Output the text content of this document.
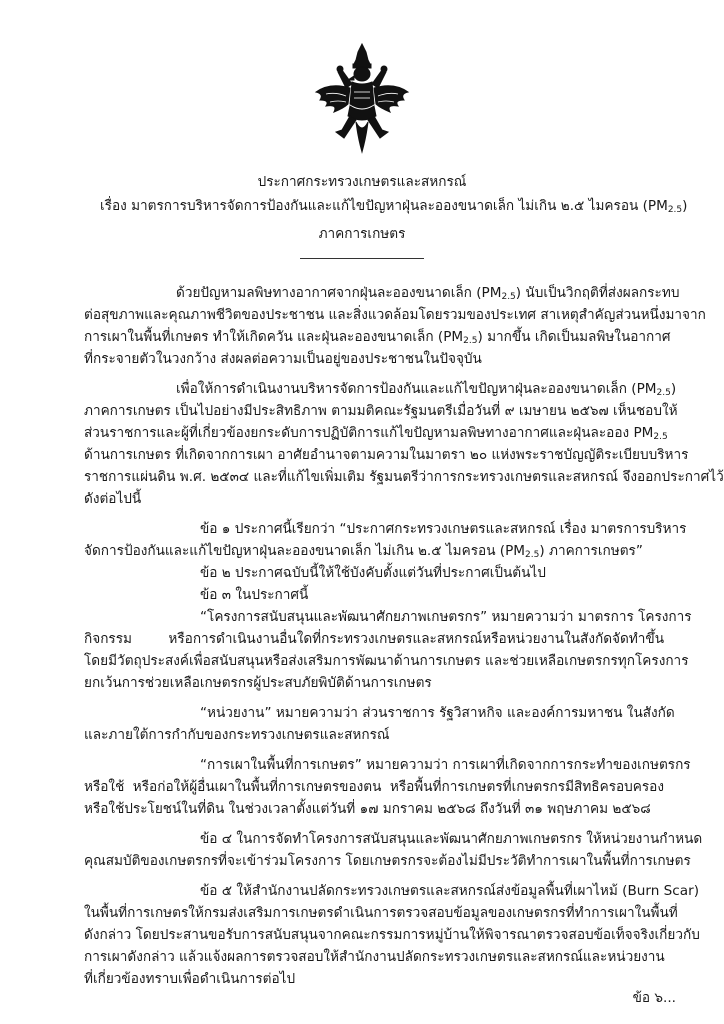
ประกาศกระทรวงเกษตรและสหกรณ์
เรื่อง มาตรการบริหารจัดการป้องกันและแก้ไขปัญหาฝุ่นละอองขนาดเล็ก ไม่เกิน ๒.๕ ไมครอน $(PM_{2.5})$
ภาคการเกษตร
ด้วยปัญหามลพิษทางอากาศจากฝุ่นละอองขนาดเล็ก $(PM_{2.5})$ นับเป็นวิกฤติที่ส่งผลกระทบ
ต่อสุขภาพและคุณภาพชีวิตของประชาชน และสิ่งแวดล้อมโดยรวมของประเทศ สาเหตุสำคัญส่วนหนึ่งมาจาก
การเผาในพื้นที่เกษตร ทำให้เกิดควัน และฝุ่นละอองขนาดเล็ก $(PM_{2.5})$ มากขึ้น เกิดเป็นมลพิษในอากาศ
ที่กระจายตัวในวงกว้าง ส่งผลต่อความเป็นอยู่ของประชาชนในปัจจุบัน
เพื่อให้การดำเนินงานบริหารจัดการป้องกันและแก้ไขปัญหาฝุ่นละอองขนาดเล็ก $(PM_{2.5})$
ภาคการเกษตร เป็นไปอย่างมีประสิทธิภาพ ตามมติคณะรัฐมนตรีเมื่อวันที่ ๙ เมษายน ๒๕๖๗ เห็นชอบให้
ส่วนราชการและผู้ที่เกี่ยวข้องยกระดับการปฏิบัติการแก้ไขปัญหามลพิษทางอากาศและฝุ่นละออง $PM_{2.5}$
ด้านการเกษตร ที่เกิดจากการเผา อาศัยอำนาจตามความในมาตรา ๒๐ แห่งพระราชบัญญัติระเบียบบริหาร
ราชการแผ่นดิน พ.ศ. ๒๕๓๔ และที่แก้ไขเพิ่มเติม รัฐมนตรีว่าการกระทรวงเกษตรและสหกรณ์ จึงออกประกาศไว้
ดังต่อไปนี้
ข้อ ๑ ประกาศนี้เรียกว่า “ประกาศกระทรวงเกษตรและสหกรณ์ เรื่อง มาตรการบริหาร
จัดการป้องกันและแก้ไขปัญหาฝุ่นละอองขนาดเล็ก ไม่เกิน ๒.๕ ไมครอน $(PM_{2.5})$ ภาคการเกษตร”
ข้อ ๒ ประกาศฉบับนี้ให้ใช้บังคับตั้งแต่วันที่ประกาศเป็นต้นไป
ข้อ ๓ ในประกาศนี้
“โครงการสนับสนุนและพัฒนาศักยภาพเกษตรกร” หมายความว่า มาตรการ โครงการ
กิจกรรม หรือการดำเนินงานอื่นใดที่กระทรวงเกษตรและสหกรณ์หรือหน่วยงานในสังกัดจัดทำขึ้น
โดยมีวัตถุประสงค์เพื่อสนับสนุนหรือส่งเสริมการพัฒนาด้านการเกษตร และช่วยเหลือเกษตรกรทุกโครงการ
ยกเว้นการช่วยเหลือเกษตรกรผู้ประสบภัยพิบัติด้านการเกษตร
“หน่วยงาน” หมายความว่า ส่วนราชการ รัฐวิสาหกิจ และองค์การมหาชน ในสังกัด
และภายใต้การกำกับของกระทรวงเกษตรและสหกรณ์
“การเผาในพื้นที่การเกษตร” หมายความว่า การเผาที่เกิดจากการกระทำของเกษตรกร
หรือใช้ หรือก่อให้ผู้อื่นเผาในพื้นที่การเกษตรของตน หรือพื้นที่การเกษตรที่เกษตรกรมีสิทธิครอบครอง
หรือใช้ประโยชน์ในที่ดิน ในช่วงเวลาตั้งแต่วันที่ ๑๗ มกราคม ๒๕๖๘ ถึงวันที่ ๓๑ พฤษภาคม ๒๕๖๘
ข้อ ๔ ในการจัดทำโครงการสนับสนุนและพัฒนาศักยภาพเกษตรกร ให้หน่วยงานกำหนด
คุณสมบัติของเกษตรกรที่จะเข้าร่วมโครงการ โดยเกษตรกรจะต้องไม่มีประวัติทำการเผาในพื้นที่การเกษตร
ข้อ ๕ ให้สำนักงานปลัดกระทรวงเกษตรและสหกรณ์ส่งข้อมูลพื้นที่เผาไหม้ (Burn Scar)
ในพื้นที่การเกษตรให้กรมส่งเสริมการเกษตรดำเนินการตรวจสอบข้อมูลของเกษตรกรที่ทำการเผาในพื้นที่
ดังกล่าว โดยประสานขอรับการสนับสนุนจากคณะกรรมการหมู่บ้านให้พิจารณาตรวจสอบข้อเท็จจริงเกี่ยวกับ
การเผาดังกล่าว แล้วแจ้งผลการตรวจสอบให้สำนักงานปลัดกระทรวงเกษตรและสหกรณ์และหน่วยงาน
ที่เกี่ยวข้องทราบเพื่อดำเนินการต่อไป
ข้อ ๖...
